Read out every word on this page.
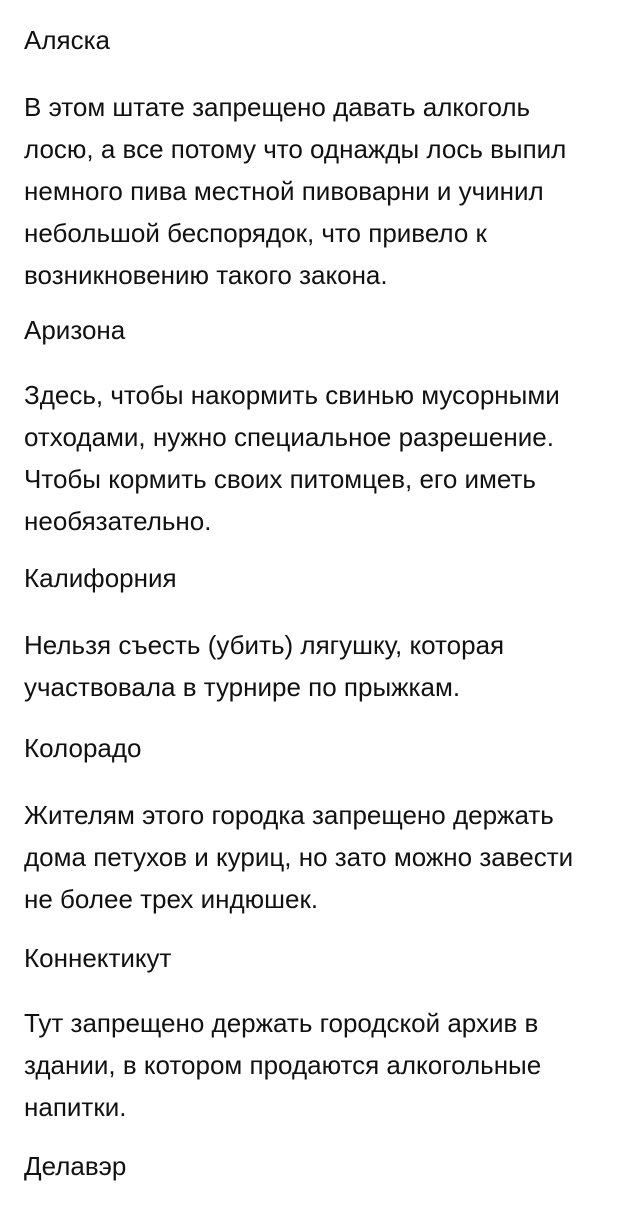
Аляска
В этом штате запрещено давать алкоголь
лосю, а все потому что однажды лось выпил
немного пива местной пивоварни и учинил
небольшой беспорядок, что привело к
возникновению такого закона.
Аризона
Здесь, чтобы накормить свинью мусорными
отходами, нужно специальное разрешение.
Чтобы кормить своих питомцев, его иметь
необязательно.
Калифорния
Нельзя съесть (убить) лягушку, которая
участвовала в турнире по прыжкам.
Колорадо
Жителям этого городка запрещено держать
дома петухов и куриц, но зато можно завести
не более трех индюшек.
Коннектикут
Тут запрещено держать городской архив в
здании, в котором продаются алкогольные
напитки.
Делавэр
